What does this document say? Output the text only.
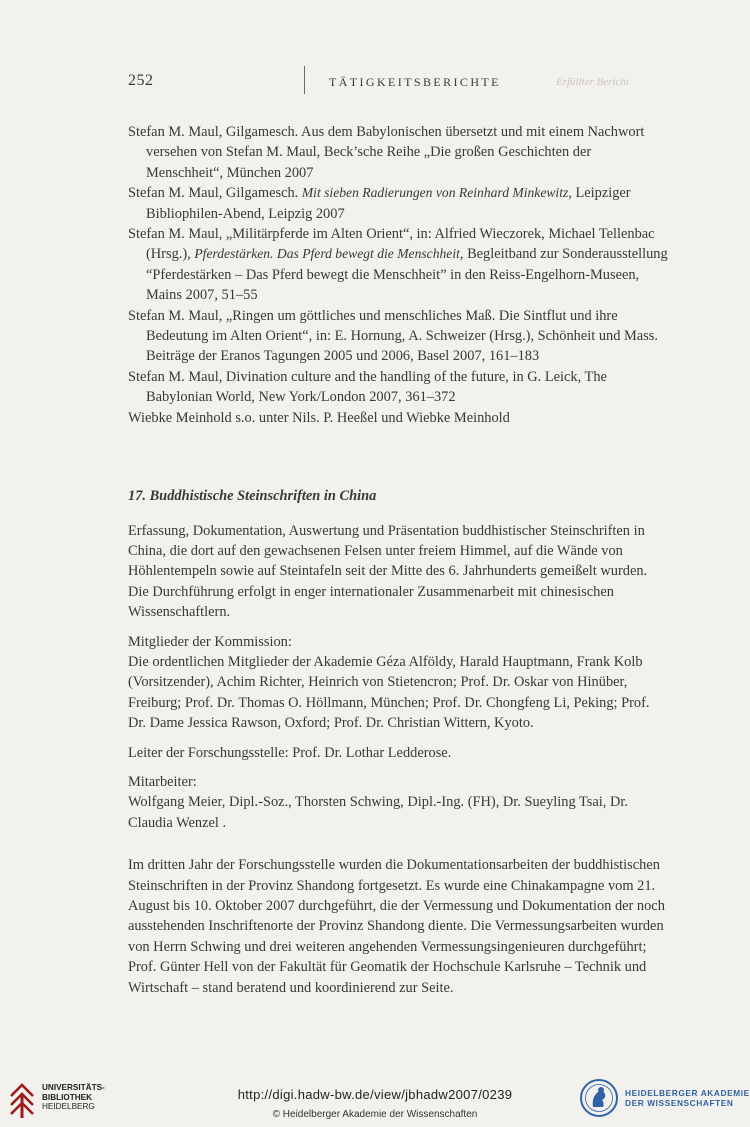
252	TÄTIGKEITSBERICHTE	Erfüllter Bericht

Stefan M. Maul, Gilgamesch. Aus dem Babylonischen übersetzt und mit einem Nachwort versehen von Stefan M. Maul, Beck’sche Reihe „Die großen Geschichten der Menschheit“, München 2007

Stefan M. Maul, Gilgamesch. Mit sieben Radierungen von Reinhard Minkewitz, Leipziger Bibliophilen-Abend, Leipzig 2007

Stefan M. Maul, „Militärpferde im Alten Orient“, in: Alfried Wieczorek, Michael Tellenbac (Hrsg.), Pferdestärken. Das Pferd bewegt die Menschheit, Begleitband zur Sonderausstellung “Pferdestärken – Das Pferd bewegt die Menschheit” in den Reiss-Engelhorn-Museen, Mains 2007, 51–55

Stefan M. Maul, „Ringen um göttliches und menschliches Maß. Die Sintflut und ihre Bedeutung im Alten Orient“, in: E. Hornung, A. Schweizer (Hrsg.), Schönheit und Mass. Beiträge der Eranos Tagungen 2005 und 2006, Basel 2007, 161–183

Stefan M. Maul, Divination culture and the handling of the future, in G. Leick, The Babylonian World, New York/London 2007, 361–372

Wiebke Meinhold s.o. unter Nils. P. Heeßel und Wiebke Meinhold

17. Buddhistische Steinschriften in China

Erfassung, Dokumentation, Auswertung und Präsentation buddhistischer Steinschriften in China, die dort auf den gewachsenen Felsen unter freiem Himmel, auf die Wände von Höhlentempeln sowie auf Steintafeln seit der Mitte des 6. Jahrhunderts gemeißelt wurden. Die Durchführung erfolgt in enger internationaler Zusammenarbeit mit chinesischen Wissenschaftlern.

Mitglieder der Kommission:

Die ordentlichen Mitglieder der Akademie Géza Alföldy, Harald Hauptmann, Frank Kolb (Vorsitzender), Achim Richter, Heinrich von Stietencron; Prof. Dr. Oskar von Hinüber, Freiburg; Prof. Dr. Thomas O. Höllmann, München; Prof. Dr. Chongfeng Li, Peking; Prof. Dr. Dame Jessica Rawson, Oxford; Prof. Dr. Christian Wittern, Kyoto.

Leiter der Forschungsstelle: Prof. Dr. Lothar Ledderose.

Mitarbeiter:

Wolfgang Meier, Dipl.-Soz., Thorsten Schwing, Dipl.-Ing. (FH), Dr. Sueyling Tsai, Dr. Claudia Wenzel .

Im dritten Jahr der Forschungsstelle wurden die Dokumentationsarbeiten der buddhistischen Steinschriften in der Provinz Shandong fortgesetzt. Es wurde eine Chinakampagne vom 21. August bis 10. Oktober 2007 durchgeführt, die der Vermessung und Dokumentation der noch ausstehenden Inschriftenorte der Provinz Shandong diente. Die Vermessungsarbeiten wurden von Herrn Schwing und drei weiteren angehenden Vermessungsingenieuren durchgeführt; Prof. Günter Hell von der Fakultät für Geomatik der Hochschule Karlsruhe – Technik und Wirtschaft – stand beratend und koordinierend zur Seite.

UNIVERSITÄTS-
BIBLIOTHEK
HEIDELBERG
http://digi.hadw-bw.de/view/jbhadw2007/0239
© Heidelberger Akademie der Wissenschaften
HEIDELBERGER AKADEMIE
DER WISSENSCHAFTEN
